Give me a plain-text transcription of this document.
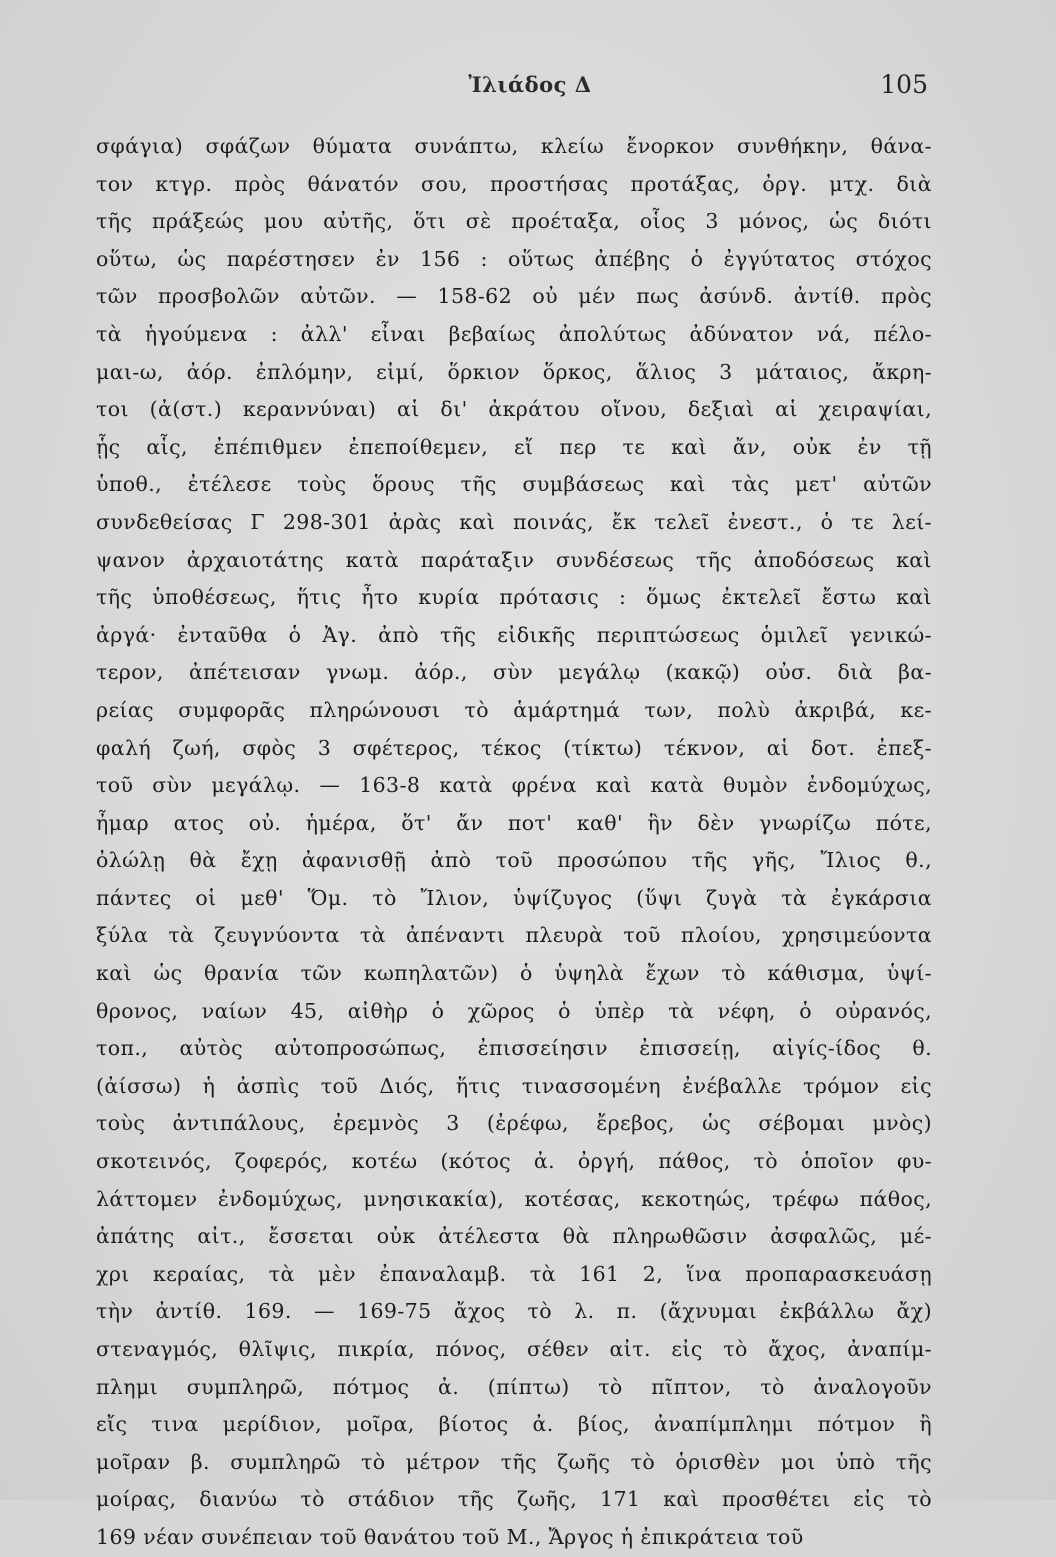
Ἰλιάδος Δ	105
σφάγια) σφάζων θύματα συνάπτω, κλείω ἔνορκον συνθήκην, θάνα-
τον κτγρ. πρὸς θάνατόν σου, προστήσας προτάξας, ὀργ. μτχ. διὰ
τῆς πράξεώς μου αὐτῆς, ὅτι σὲ προέταξα, οἷος 3 μόνος, ὡς διότι
οὕτω, ὡς παρέστησεν ἐν 156 : οὕτως ἀπέβης ὁ ἐγγύτατος στόχος
τῶν προσβολῶν αὐτῶν. — 158-62 οὐ μέν πως ἀσύνδ. ἀντίθ. πρὸς
τὰ ἡγούμενα : ἀλλ' εἶναι βεβαίως ἀπολύτως ἀδύνατον νά, πέλο-
μαι-ω, ἀόρ. ἐπλόμην, εἰμί, ὅρκιον ὅρκος, ἅλιος 3 μάταιος, ἄκρη-
τοι (ἀ(στ.) κεραννύναι) αἱ δι' ἀκράτου οἴνου, δεξιαὶ αἱ χειραψίαι,
ᾗς αἷς, ἐπέπιθμεν ἐπεποίθεμεν, εἴ περ τε καὶ ἄν, οὐκ ἐν τῇ
ὑποθ., ἐτέλεσε τοὺς ὅρους τῆς συμβάσεως καὶ τὰς μετ' αὐτῶν
συνδεθείσας Γ 298-301 ἀρὰς καὶ ποινάς, ἔκ τελεῖ ἐνεστ., ὁ τε λεί-
ψανον ἀρχαιοτάτης κατὰ παράταξιν συνδέσεως τῆς ἀποδόσεως καὶ
τῆς ὑποθέσεως, ἥτις ἦτο κυρία πρότασις : ὅμως ἐκτελεῖ ἔστω καὶ
ἀργά· ἐνταῦθα ὁ Ἀγ. ἀπὸ τῆς εἰδικῆς περιπτώσεως ὁμιλεῖ γενικώ-
τερον, ἀπέτεισαν γνωμ. ἀόρ., σὺν μεγάλῳ (κακῷ) οὐσ. διὰ βα-
ρείας συμφορᾶς πληρώνουσι τὸ ἁμάρτημά των, πολὺ ἀκριβά, κε-
φαλή ζωή, σφὸς 3 σφέτερος, τέκος (τίκτω) τέκνον, αἱ δοτ. ἐπεξ-
τοῦ σὺν μεγάλῳ. — 163-8 κατὰ φρένα καὶ κατὰ θυμὸν ἐνδομύχως,
ἦμαρ ατος οὐ. ἡμέρα, ὅτ' ἄν ποτ' καθ' ἣν δὲν γνωρίζω πότε,
ὀλώλῃ θὰ ἔχῃ ἀφανισθῇ ἀπὸ τοῦ προσώπου τῆς γῆς, Ἴλιος θ.,
πάντες οἱ μεθ' Ὅμ. τὸ Ἴλιον, ὑψίζυγος (ὕψι ζυγὰ τὰ ἐγκάρσια
ξύλα τὰ ζευγνύοντα τὰ ἀπέναντι πλευρὰ τοῦ πλοίου, χρησιμεύοντα
καὶ ὡς θρανία τῶν κωπηλατῶν) ὁ ὑψηλὰ ἔχων τὸ κάθισμα, ὑψί-
θρονος, ναίων 45, αἰθὴρ ὁ χῶρος ὁ ὑπὲρ τὰ νέφη, ὁ οὐρανός,
τοπ., αὐτὸς αὐτοπροσώπως, ἐπισσείησιν ἐπισσείῃ, αἰγίς-ίδος θ.
(ἀίσσω) ἡ ἀσπὶς τοῦ Διός, ἥτις τινασσομένη ἐνέβαλλε τρόμον εἰς
τοὺς ἀντιπάλους, ἐρεμνὸς 3 (ἐρέφω, ἔρεβος, ὡς σέβομαι μνὸς)
σκοτεινός, ζοφερός, κοτέω (κότος ἀ. ὀργή, πάθος, τὸ ὁποῖον φυ-
λάττομεν ἐνδομύχως, μνησικακία), κοτέσας, κεκοτηώς, τρέφω πάθος,
ἀπάτης αἰτ., ἔσσεται οὐκ ἀτέλεστα θὰ πληρωθῶσιν ἀσφαλῶς, μέ-
χρι κεραίας, τὰ μὲν ἐπαναλαμβ. τὰ 161 2, ἵνα προπαρασκευάσῃ
τὴν ἀντίθ. 169. — 169-75 ἄχος τὸ λ. π. (ἄχνυμαι ἐκβάλλω ἄχ)
στεναγμός, θλῖψις, πικρία, πόνος, σέθεν αἰτ. εἰς τὸ ἄχος, ἀναπίμ-
πλημι συμπληρῶ, πότμος ἀ. (πίπτω) τὸ πῖπτον, τὸ ἀναλογοῦν
εἴς τινα μερίδιον, μοῖρα, βίοτος ἀ. βίος, ἀναπίμπλημι πότμον ἢ
μοῖραν β. συμπληρῶ τὸ μέτρον τῆς ζωῆς τὸ ὁρισθὲν μοι ὑπὸ τῆς
μοίρας, διανύω τὸ στάδιον τῆς ζωῆς, 171 καὶ προσθέτει εἰς τὸ
169 νέαν συνέπειαν τοῦ θανάτου τοῦ Μ., Ἄργος ἡ ἐπικράτεια τοῦ
